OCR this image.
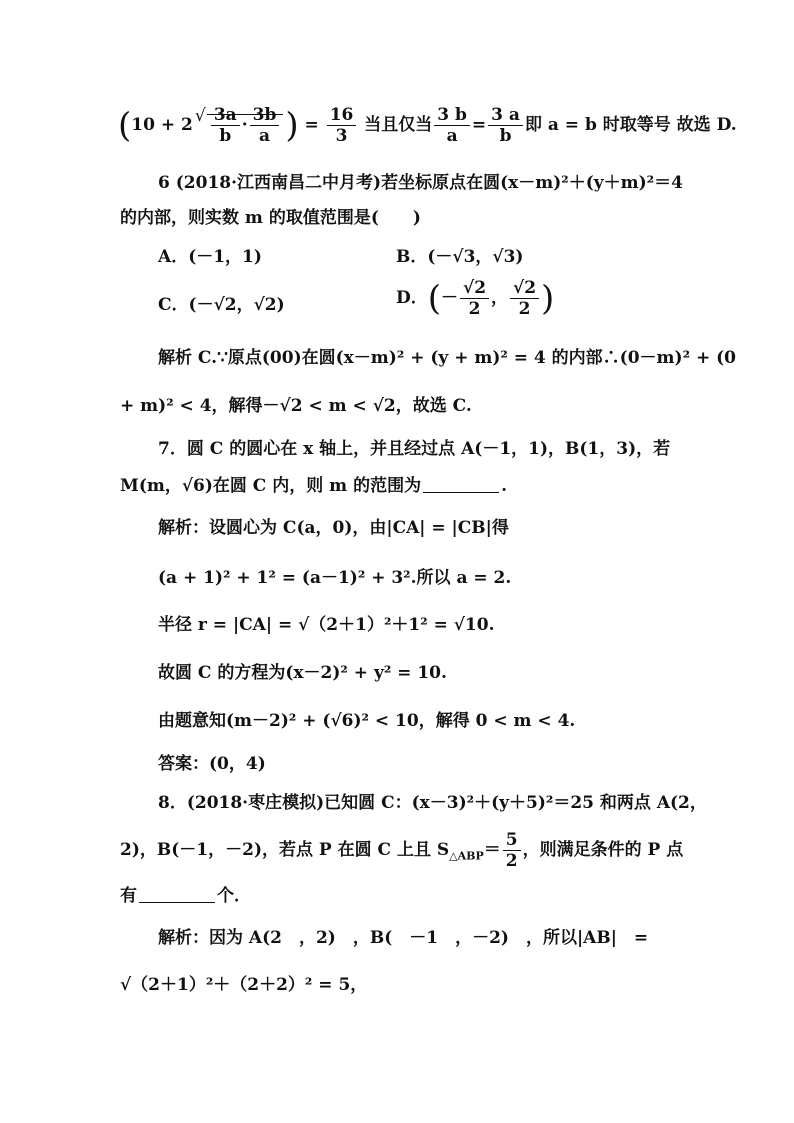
(10 + 2
√ $\frac{3a}{b} \cdot \frac{3b}{a}$ ) = $\frac{16}{3}$ 当且仅当 $\frac{3 b}{a} = \frac{3 a}{b}$ 即 a = b 时取等号 故选 D.
6 (2018·江西南昌二中月考)若坐标原点在圆(x－m)²＋(y＋m)²＝4
的内部，则实数 m 的取值范围是(　　)
A．(－1，1)	B．(－√3，√3)
C．(－√2，√2)	D．(－ $\frac{√2}{2}$ ， $\frac{√2}{2}$ )
解析 C.∵原点(00)在圆(x－m)² + (y + m)² = 4 的内部∴(0－m)² + (0
+ m)² < 4，解得－√2 < m < √2，故选 C.
7．圆 C 的圆心在 x 轴上，并且经过点 A(－1，1)，B(1，3)，若
M(m，√6)在圆 C 内，则 m 的范围为	.
解析：设圆心为 C(a，0)，由|CA| = |CB|得
(a + 1)² + 1² = (a－1)² + 3².所以 a = 2.
半径 r = |CA| = √（2＋1）²＋1² = √10.
故圆 C 的方程为(x－2)² + y² = 10.
由题意知(m－2)² + (√6)² < 10，解得 0 < m < 4.
答案：(0，4)
8．(2018·枣庄模拟)已知圆 C：(x－3)²＋(y＋5)²＝25 和两点 A(2，
2)，B(－1，－2)，若点 P 在圆 C 上且 $S_{\triangle ABP}= \frac{5}{2}$ ，则满足条件的 P 点
有	个．
解析：因为 A(2　，2)　，B(　－1　，－2)　，所以|AB|　=
√（2＋1）²＋（2＋2）² = 5，
